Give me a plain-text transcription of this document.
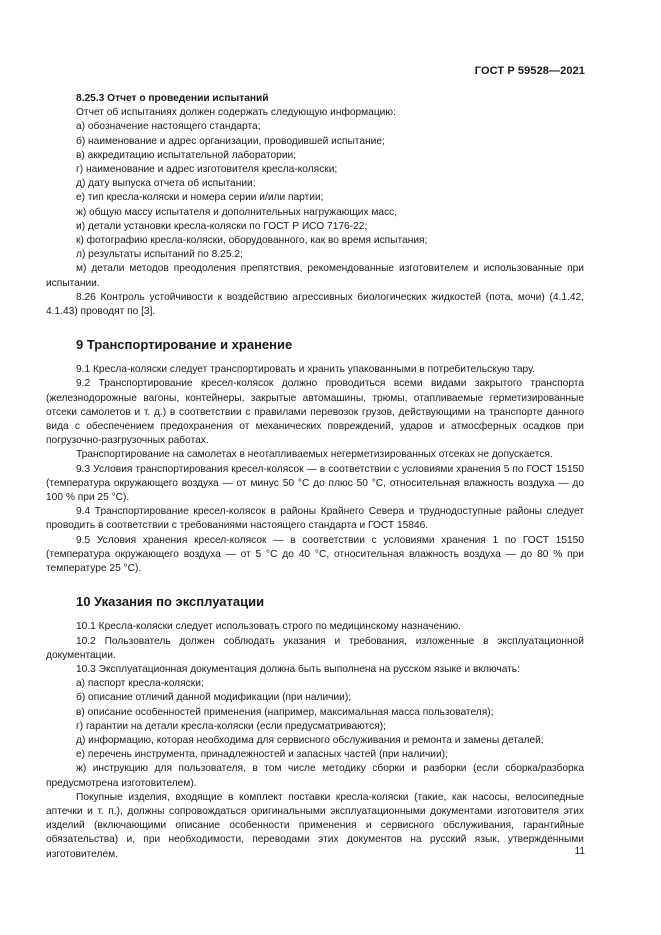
ГОСТ Р 59528—2021

8.25.3 Отчет о проведении испытаний

Отчет об испытаниях должен содержать следующую информацию:

а) обозначение настоящего стандарта;
б) наименование и адрес организации, проводившей испытание;
в) аккредитацию испытательной лаборатории;
г) наименование и адрес изготовителя кресла-коляски;
д) дату выпуска отчета об испытании;
е) тип кресла-коляски и номера серии и/или партии;
ж) общую массу испытателя и дополнительных нагружающих масс,
и) детали установки кресла-коляски по ГОСТ Р ИСО 7176-22;
к) фотографию кресла-коляски, оборудованного, как во время испытания;
л) результаты испытаний по 8.25.2;

м) детали методов преодоления препятствия, рекомендованные изготовителем и использованные при испытании.

8.26 Контроль устойчивости к воздействию агрессивных биологических жидкостей (пота, мочи) (4.1.42, 4.1.43) проводят по [3].

9 Транспортирование и хранение

9.1 Кресла-коляски следует транспортировать и хранить упакованными в потребительскую тару.

9.2 Транспортирование кресел-колясок должно проводиться всеми видами закрытого транспорта (железнодорожные вагоны, контейнеры, закрытые автомашины, трюмы, отапливаемые герметизированные отсеки самолетов и т. д.) в соответствии с правилами перевозок грузов, действующими на транспорте данного вида с обеспечением предохранения от механических повреждений, ударов и атмосферных осадков при погрузочно-разгрузочных работах.

Транспортирование на самолетах в неотапливаемых негерметизированных отсеках не допускается.

9.3 Условия транспортирования кресел-колясок — в соответствии с условиями хранения 5 по ГОСТ 15150 (температура окружающего воздуха — от минус 50 °С до плюс 50 °С, относительная влажность воздуха — до 100 % при 25 °С).

9.4 Транспортирование кресел-колясок в районы Крайнего Севера и труднодоступные районы следует проводить в соответствии с требованиями настоящего стандарта и ГОСТ 15846.

9.5 Условия хранения кресел-колясок — в соответствии с условиями хранения 1 по ГОСТ 15150 (температура окружающего воздуха — от 5 °С до 40 °С, относительная влажность воздуха — до 80 % при температуре 25 °С).

10 Указания по эксплуатации

10.1 Кресла-коляски следует использовать строго по медицинскому назначению.

10.2 Пользователь должен соблюдать указания и требования, изложенные в эксплуатационной документации.

10.3 Эксплуатационная документация должна быть выполнена на русском языке и включать:

а) паспорт кресла-коляски;
б) описание отличий данной модификации (при наличии);
в) описание особенностей применения (например, максимальная масса пользователя);
г) гарантии на детали кресла-коляски (если предусматриваются);
д) информацию, которая необходима для сервисного обслуживания и ремонта и замены деталей;
е) перечень инструмента, принадлежностей и запасных частей (при наличии);

ж) инструкцию для пользователя, в том числе методику сборки и разборки (если сборка/разборка предусмотрена изготовителем).

Покупные изделия, входящие в комплект поставки кресла-коляски (такие, как насосы, велосипедные аптечки и т. п.), должны сопровождаться оригинальными эксплуатационными документами изготовителя этих изделий (включающими описание особенности применения и сервисного обслуживания, гарантийные обязательства) и, при необходимости, переводами этих документов на русский язык, утвержденными изготовителем.	11
